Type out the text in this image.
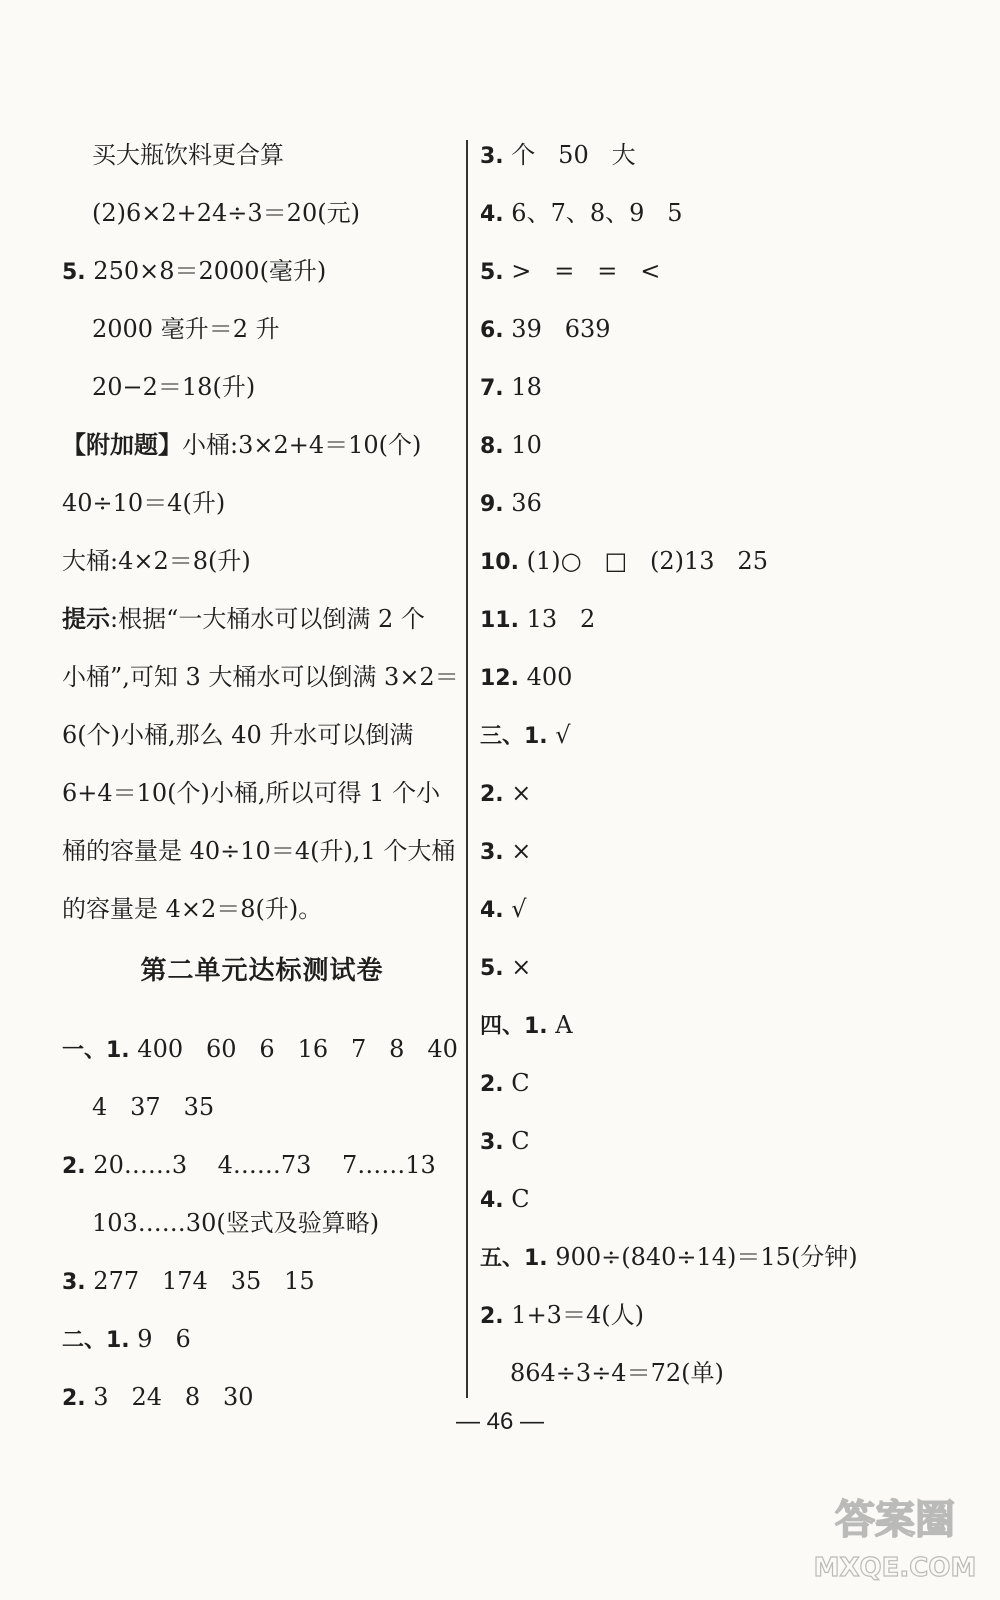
买大瓶饮料更合算
(2)6×2+24÷3＝20(元)
5. 250×8＝2000(毫升)
2000 毫升＝2 升
20−2＝18(升)
【附加题】小桶:3×2+4＝10(个)
40÷10＝4(升)
大桶:4×2＝8(升)
提示:根据“一大桶水可以倒满 2 个
小桶”,可知 3 大桶水可以倒满 3×2＝
6(个)小桶,那么 40 升水可以倒满
6+4＝10(个)小桶,所以可得 1 个小
桶的容量是 40÷10＝4(升),1 个大桶
的容量是 4×2＝8(升)。
第二单元达标测试卷
一、1. 400   60   6   16   7   8   40
4   37   35
2. 20……3    4……73    7……13
103……30(竖式及验算略)
3. 277   174   35   15
二、1. 9   6
2. 3   24   8   30
3. 个   50   大
4. 6、7、8、9   5
5. >   =   =   <
6. 39   639
7. 18
8. 10
9. 36
10. (1)○   □   (2)13   25
11. 13   2
12. 400
三、1. √
2. ×
3. ×
4. √
5. ×
四、1. A
2. C
3. C
4. C
五、1. 900÷(840÷14)＝15(分钟)
2. 1+3＝4(人)
864÷3÷4＝72(单)
— 46 —
答案圈
MXQE.COM
